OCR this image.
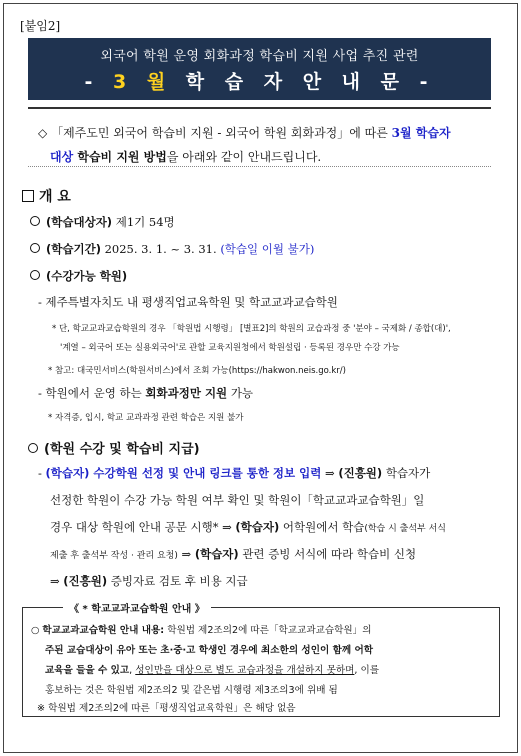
[붙임2]
외국어 학원 운영 회화과정 학습비 지원 사업 추진 관련
- 3 월 학 습 자 안 내 문 -
◇ 「제주도민 외국어 학습비 지원 - 외국어 학원 회화과정」에 따른 3월 학습자
대상 학습비 지원 방법을 아래와 같이 안내드립니다.
개 요
(학습대상자) 제1기 54명
(학습기간) 2025. 3. 1. ~ 3. 31. (학습일 이월 불가)
(수강가능 학원)
- 제주특별자치도 내 평생직업교육학원 및 학교교과교습학원
* 단, 학교교과교습학원의 경우 「학원법 시행령」 [별표2]의 학원의 교습과정 중 '분야 – 국제화 / 종합(대)',
'계열 – 외국어 또는 실용외국어'로 관할 교육지원청에서 학원설립 · 등록된 경우만 수강 가능
* 참고: 대국민서비스(학원서비스)에서 조회 가능(https://hakwon.neis.go.kr/)
- 학원에서 운영 하는 회화과정만 지원 가능
* 자격증, 입시, 학교 교과과정 관련 학습은 지원 불가
(학원 수강 및 학습비 지급)
- (학습자) 수강학원 선정 및 안내 링크를 통한 정보 입력 ⇒ (진흥원) 학습자가
선정한 학원이 수강 가능 학원 여부 확인 및 학원이「학교교과교습학원」일
경우 대상 학원에 안내 공문 시행* ⇒ (학습자) 어학원에서 학습(학습 시 출석부 서식
제출 후 출석부 작성 · 관리 요청) ⇒ (학습자) 관련 증빙 서식에 따라 학습비 신청
⇒ (진흥원) 증빙자료 검토 후 비용 지급
《 * 학교교과교습학원 안내 》
○ 학교교과교습학원 안내 내용: 학원법 제2조의2에 따른「학교교과교습학원」의
주된 교습대상이 유아 또는 초·중·고 학생인 경우에 최소한의 성인이 함께 어학
교육을 들을 수 있고, 성인만을 대상으로 별도 교습과정을 개설하지 못하며, 이를
홍보하는 것은 학원법 제2조의2 및 같은법 시행령 제3조의3에 위배 됨
※ 학원법 제2조의2에 따른「평생직업교육학원」은 해당 없음
